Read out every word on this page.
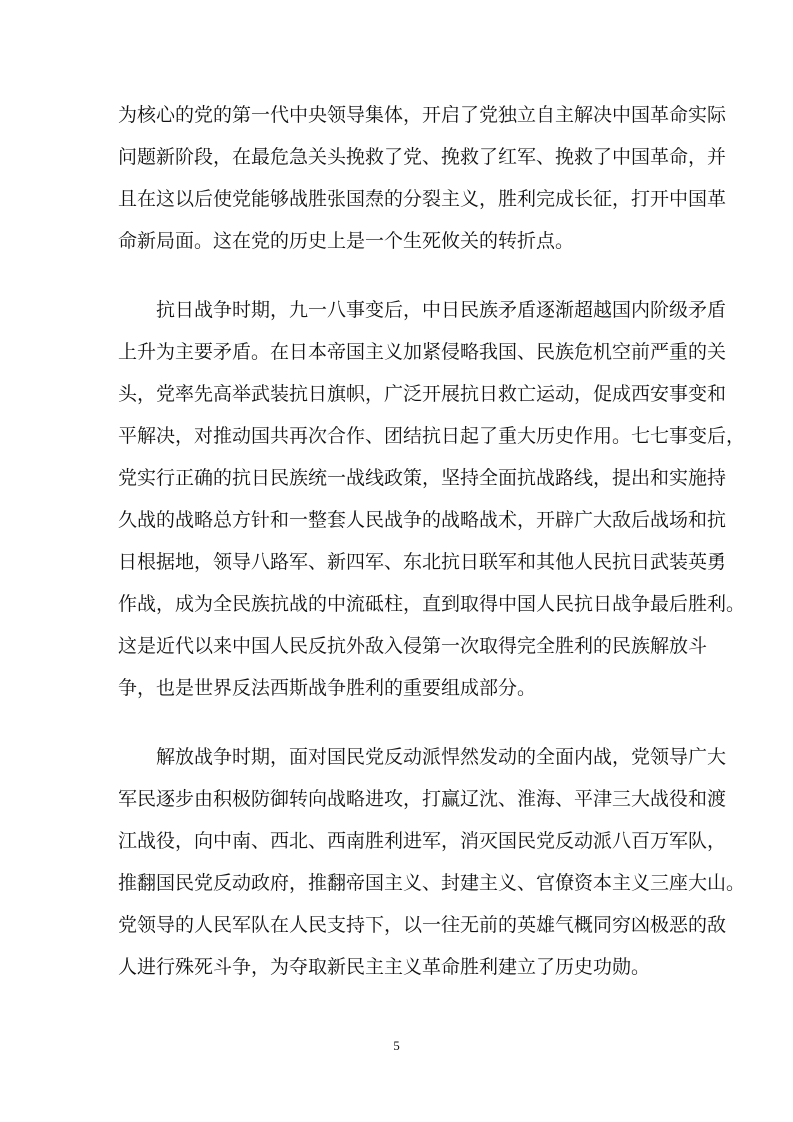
为核心的党的第一代中央领导集体，开启了党独立自主解决中国革命实际
问题新阶段，在最危急关头挽救了党、挽救了红军、挽救了中国革命，并
且在这以后使党能够战胜张国焘的分裂主义，胜利完成长征，打开中国革
命新局面。这在党的历史上是一个生死攸关的转折点。
抗日战争时期，九一八事变后，中日民族矛盾逐渐超越国内阶级矛盾
上升为主要矛盾。在日本帝国主义加紧侵略我国、民族危机空前严重的关
头，党率先高举武装抗日旗帜，广泛开展抗日救亡运动，促成西安事变和
平解决，对推动国共再次合作、团结抗日起了重大历史作用。七七事变后，
党实行正确的抗日民族统一战线政策，坚持全面抗战路线，提出和实施持
久战的战略总方针和一整套人民战争的战略战术，开辟广大敌后战场和抗
日根据地，领导八路军、新四军、东北抗日联军和其他人民抗日武装英勇
作战，成为全民族抗战的中流砥柱，直到取得中国人民抗日战争最后胜利。
这是近代以来中国人民反抗外敌入侵第一次取得完全胜利的民族解放斗
争，也是世界反法西斯战争胜利的重要组成部分。
解放战争时期，面对国民党反动派悍然发动的全面内战，党领导广大
军民逐步由积极防御转向战略进攻，打赢辽沈、淮海、平津三大战役和渡
江战役，向中南、西北、西南胜利进军，消灭国民党反动派八百万军队，
推翻国民党反动政府，推翻帝国主义、封建主义、官僚资本主义三座大山。
党领导的人民军队在人民支持下，以一往无前的英雄气概同穷凶极恶的敌
人进行殊死斗争，为夺取新民主主义革命胜利建立了历史功勋。
5
